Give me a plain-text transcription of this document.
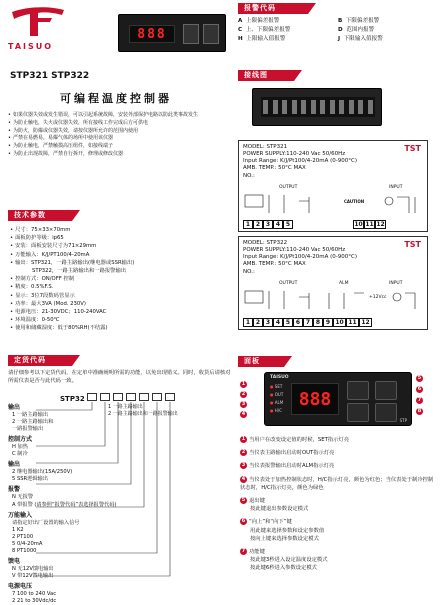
TAISUO
888
STP321 STP322
可编程温度控制器
• 如果仪器失效或发生错误，可以引起系统故障，安装外部保护电路以防此类事故发生
• 为防止触电，失火或仪器失效，所有接线工作完成后方可供电
• 为防火，防爆或仪器失效，请按仪器所允许的范围内使用
• 严禁在易燃易，易爆气体的场所中使用该仪器
• 为防止触电，严禁触摸高压组件，如接线端子
• 为防止出现故障，严禁自行拆开，修理或修改仪器
技术参数
• 尺寸：75×33×70mm
• 面板防护等级：ip65
• 安装：面板安装尺寸为71×29mm
• 万能输入：K/J/PT100/4-20mA
• 输出：STP321，一路主路输出(继电器或SSR输出)
STP322，一路主路输出和一路报警输出
• 控制方式：ON/OFF 控制
• 精度：0.5%F.S.
• 显示：3位7段数码管显示
• 功率：最大3VA (Mod. 230V)
• 电源电压：21-30VDC；110-240VAC
• 环境温度：0-50℃
• 使用和储藏湿度：低于80%RH(不结露)
定货代码
请仔细参考以下定货代码，在定单中准确阐明所需的功能，以免出现错义。同时，收货后请核对所需仪表是否与此代码一致。
STP32
1 一路主路输出
2 一路主路输出和一路报警输出
输出
1 一路主路输出
2 一路主路输出和
一路报警输出
控制方式
H 加热
C 制冷
输出
2 继电器输出(15A/250V)
5 SSR逻辑输出
报警
N 无报警
A 带报警 (请参照“报警代码”表选择报警代码)
万能输入
请指定好出厂设置的输入信号
1 K2
2 PT100
5 0/4-20mA
8 PT1000
馈电
N 无12V馈电输出
V 带12V馈电输出
电源电压
7 100 to 240 Vac
2 21 to 30Vdc/dc
报警代码
A 上限偏差报警	B 下限偏差报警
C 上、下限偏差报警	D 范围内报警
H 上限输入值报警	J 下限输入值报警
接线图
MODEL: STP321
POWER SUPPLY:110-240 Vac 50/60Hz
Input Range: K/J/Pt100/4-20mA (0-900°C)
AMB. TEMP.: 50°C MAX
NO.:
TST
OUTPUT	INPUT
CAUTION
1 2 3 4 5	10 11 12
MODEL: STP322
POWER SUPPLY:110-240 Vac 50/60Hz
Input Range: K/J/Pt100/4-20mA (0-900°C)
AMB. TEMP.: 50°C MAX
NO.:
TST
OUTPUT	ALM	INPUT
+12Vcc
1 2 3 4 5 6 7 8 9 10 11 12
面板
1
2
3
4
TAISUO
● SET
● OUT
● ALM
● H/C
888
STP
5
6
7
8
1 当用户在改变设定值的时候，SET指示灯亮
2 当仪表主路输出启动时OUT指示灯亮
3 当仪表报警输出启动时ALM指示灯亮
4 当仪表处于加热控制状态时，H/C指示灯亮，颜色为红色；当仪表处于制冷控制状态时，H/C指示灯亮，颜色为绿色
5 退出键
按此键退出参数设定模式
6 “向上”和“向下”键
用此键来选择参数和设定参数值
按向上键来选择参数设定模式
7 功能键
按此键3秒进入设定温度设定模式
按此键6秒进入参数设定模式
